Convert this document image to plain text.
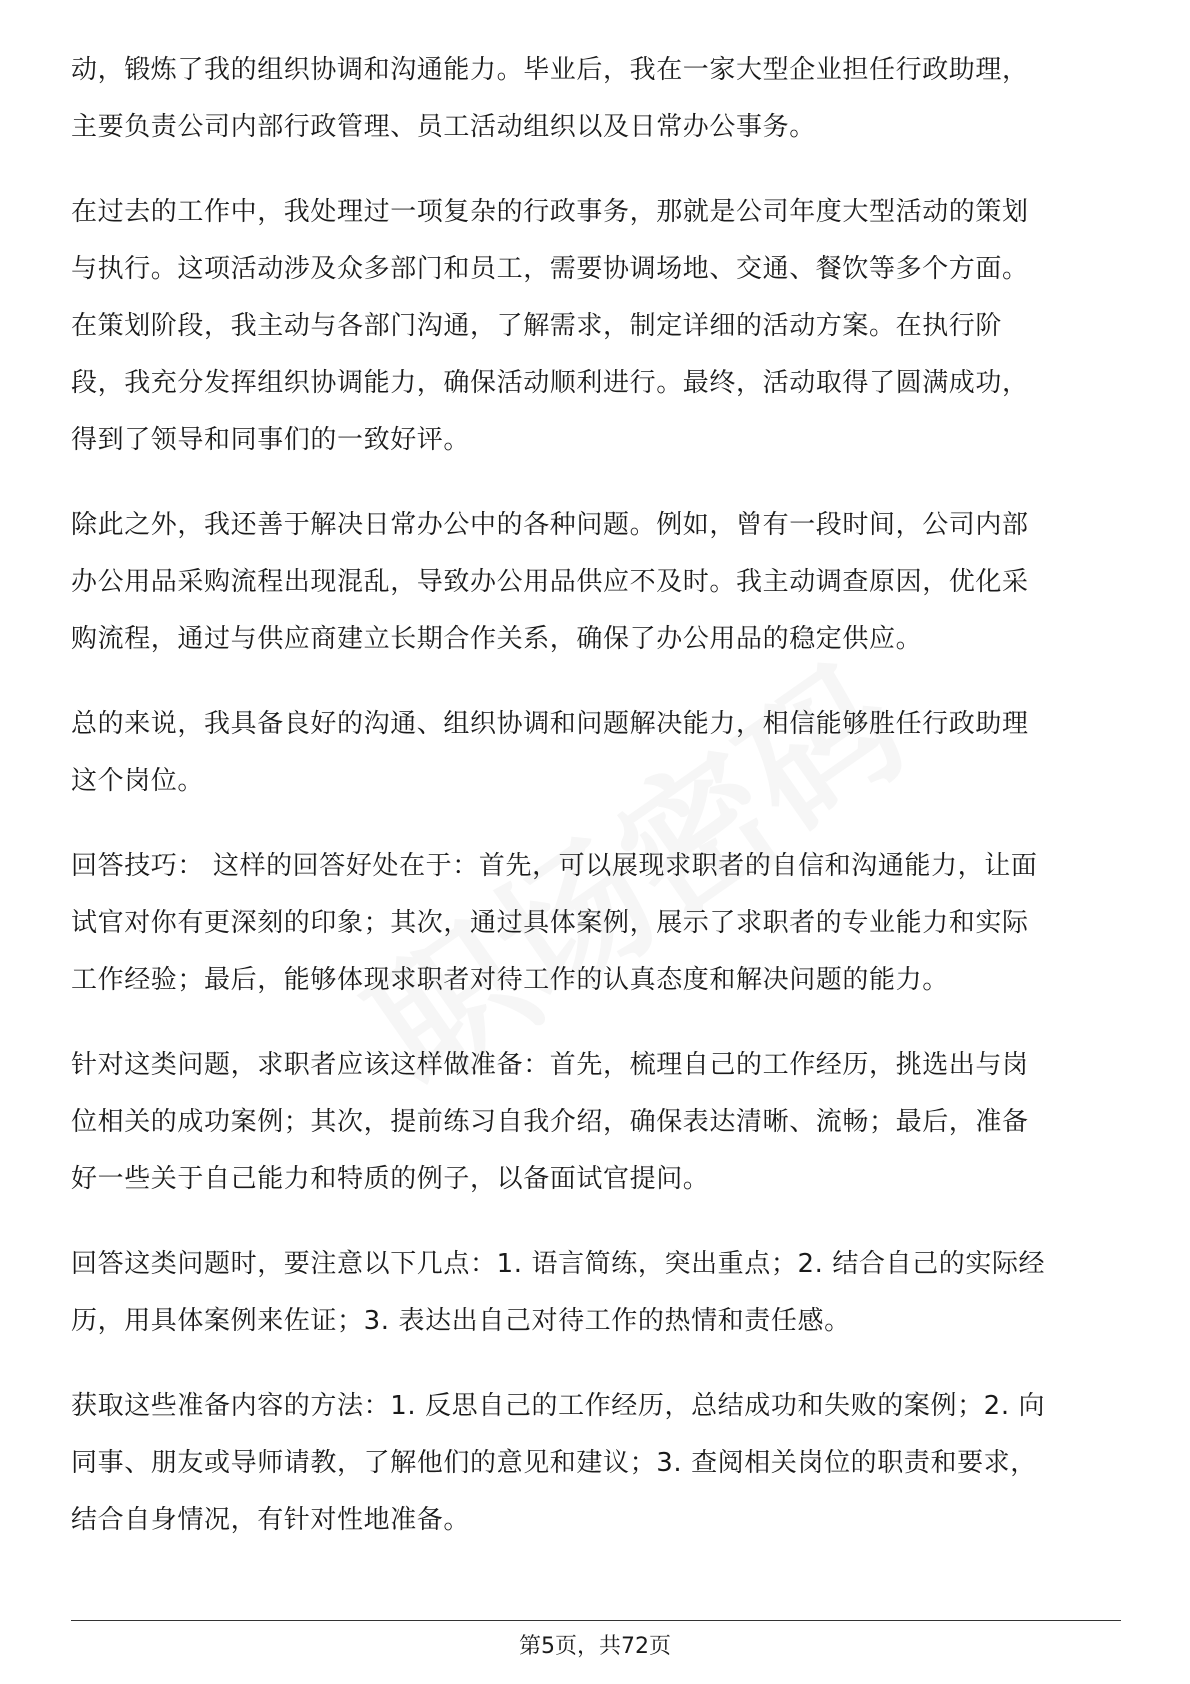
动，锻炼了我的组织协调和沟通能力。毕业后，我在一家大型企业担任行政助理，
主要负责公司内部行政管理、员工活动组织以及日常办公事务。

在过去的工作中，我处理过一项复杂的行政事务，那就是公司年度大型活动的策划
与执行。这项活动涉及众多部门和员工，需要协调场地、交通、餐饮等多个方面。
在策划阶段，我主动与各部门沟通，了解需求，制定详细的活动方案。在执行阶
段，我充分发挥组织协调能力，确保活动顺利进行。最终，活动取得了圆满成功，
得到了领导和同事们的一致好评。

除此之外，我还善于解决日常办公中的各种问题。例如，曾有一段时间，公司内部
办公用品采购流程出现混乱，导致办公用品供应不及时。我主动调查原因，优化采
购流程，通过与供应商建立长期合作关系，确保了办公用品的稳定供应。

总的来说，我具备良好的沟通、组织协调和问题解决能力，相信能够胜任行政助理
这个岗位。

回答技巧： 这样的回答好处在于：首先，可以展现求职者的自信和沟通能力，让面
试官对你有更深刻的印象；其次，通过具体案例，展示了求职者的专业能力和实际
工作经验；最后，能够体现求职者对待工作的认真态度和解决问题的能力。

针对这类问题，求职者应该这样做准备：首先，梳理自己的工作经历，挑选出与岗
位相关的成功案例；其次，提前练习自我介绍，确保表达清晰、流畅；最后，准备
好一些关于自己能力和特质的例子，以备面试官提问。

回答这类问题时，要注意以下几点：1. 语言简练，突出重点；2. 结合自己的实际经
历，用具体案例来佐证；3. 表达出自己对待工作的热情和责任感。

获取这些准备内容的方法：1. 反思自己的工作经历，总结成功和失败的案例；2. 向
同事、朋友或导师请教，了解他们的意见和建议；3. 查阅相关岗位的职责和要求，
结合自身情况，有针对性地准备。

第5页，共72页
